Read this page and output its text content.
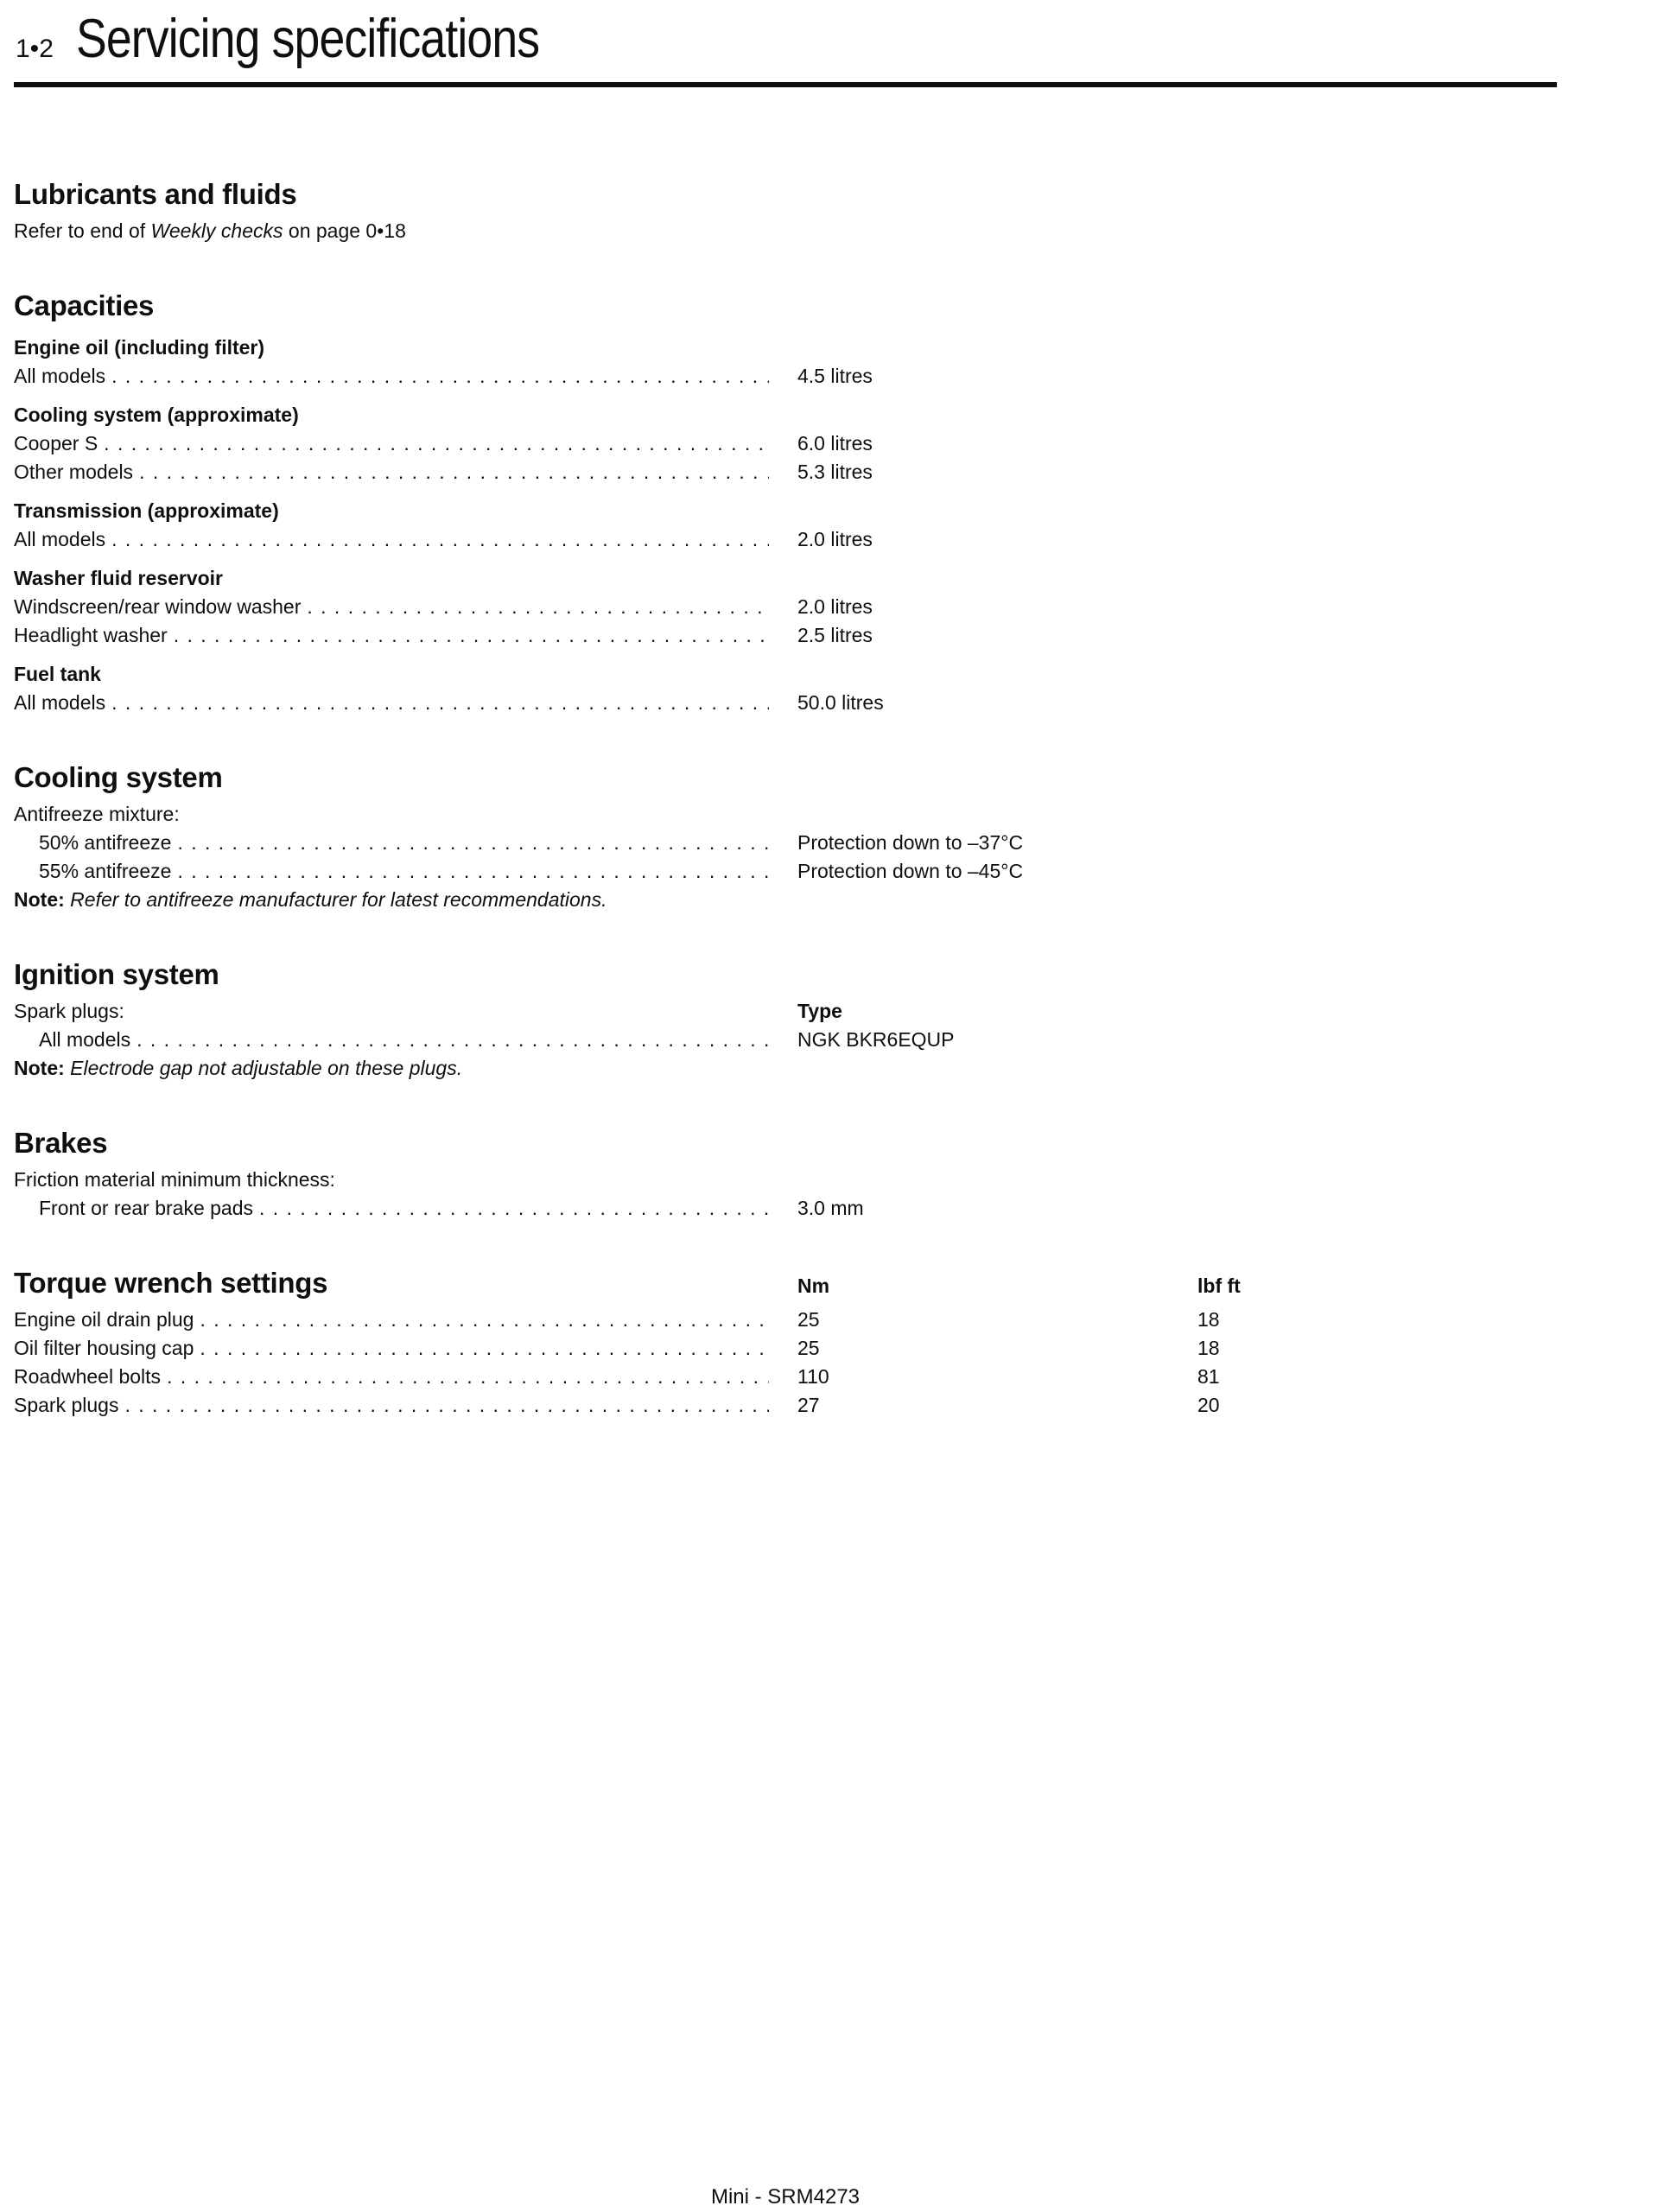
1•2 Servicing specifications
Lubricants and fluids

Refer to end of Weekly checks on page 0•18

Capacities
Engine oil (including filter)
All models . . .	4.5 litres
Cooling system (approximate)
Cooper S . . .	6.0 litres
Other models . . .	5.3 litres
Transmission (approximate)
All models . . .	2.0 litres
Washer fluid reservoir
Windscreen/rear window washer . . .	2.0 litres
Headlight washer . . .	2.5 litres
Fuel tank
All models . . .	50.0 litres
Cooling system

Antifreeze mixture:

50% antifreeze . . .	Protection down to –37°C
55% antifreeze . . .	Protection down to –45°C

Note: Refer to antifreeze manufacturer for latest recommendations.

Ignition system
Spark plugs:	Type
All models . . .	NGK BKR6EQUP

Note: Electrode gap not adjustable on these plugs.

Brakes

Friction material minimum thickness:

Front or rear brake pads . . .	3.0 mm
Torque wrench settings	Nm	lbf ft
Engine oil drain plug . . .	25	18
Oil filter housing cap . . .	25	18
Roadwheel bolts . . .	110	81
Spark plugs . . .	27	20
Mini - SRM4273
